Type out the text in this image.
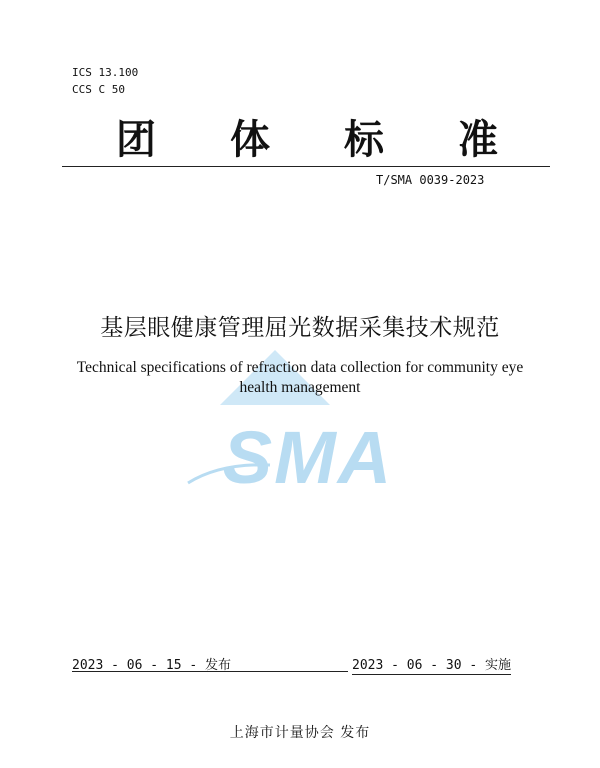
ICS 13.100
CCS C 50
团 体 标 准
T/SMA 0039-2023
SMA
基层眼健康管理屈光数据采集技术规范
Technical specifications of refraction data collection for community eye health management
2023 - 06 - 15 - 发布	2023 - 06 - 30 - 实施
上海市计量协会 发布
